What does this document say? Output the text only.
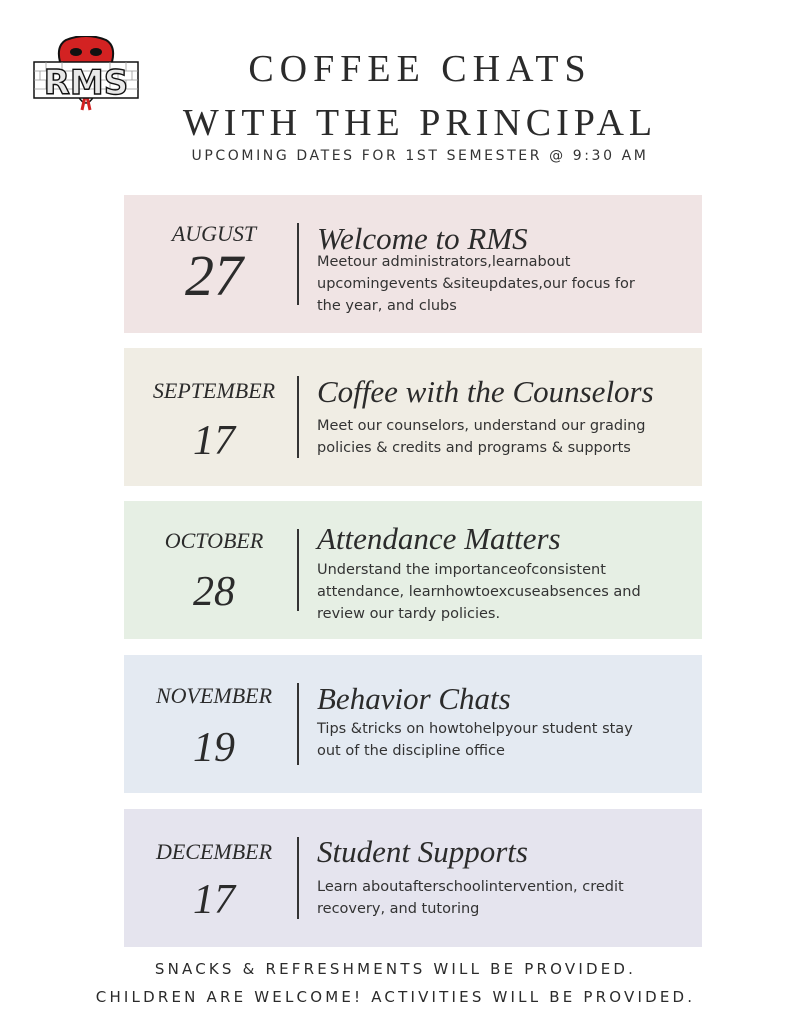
RMS	COFFEE CHATS
WITH THE PRINCIPAL
UPCOMING DATES FOR 1ST SEMESTER @ 9:30 AM
AUGUST
27
Welcome to RMS
Meetour administrators,learnabout upcomingevents &siteupdates,our focus for the year, and clubs
SEPTEMBER
17
Coffee with the Counselors
Meet our counselors, understand our grading policies & credits and programs & supports
OCTOBER
28
Attendance Matters
Understand the importanceofconsistent attendance, learnhowtoexcuseabsences and review our tardy policies.
NOVEMBER
19
Behavior Chats
Tips &tricks on howtohelpyour student stay out of the discipline office
DECEMBER
17
Student Supports
Learn aboutafterschoolintervention, credit recovery, and tutoring
SNACKS & REFRESHMENTS WILL BE PROVIDED.
CHILDREN ARE WELCOME! ACTIVITIES WILL BE PROVIDED.
